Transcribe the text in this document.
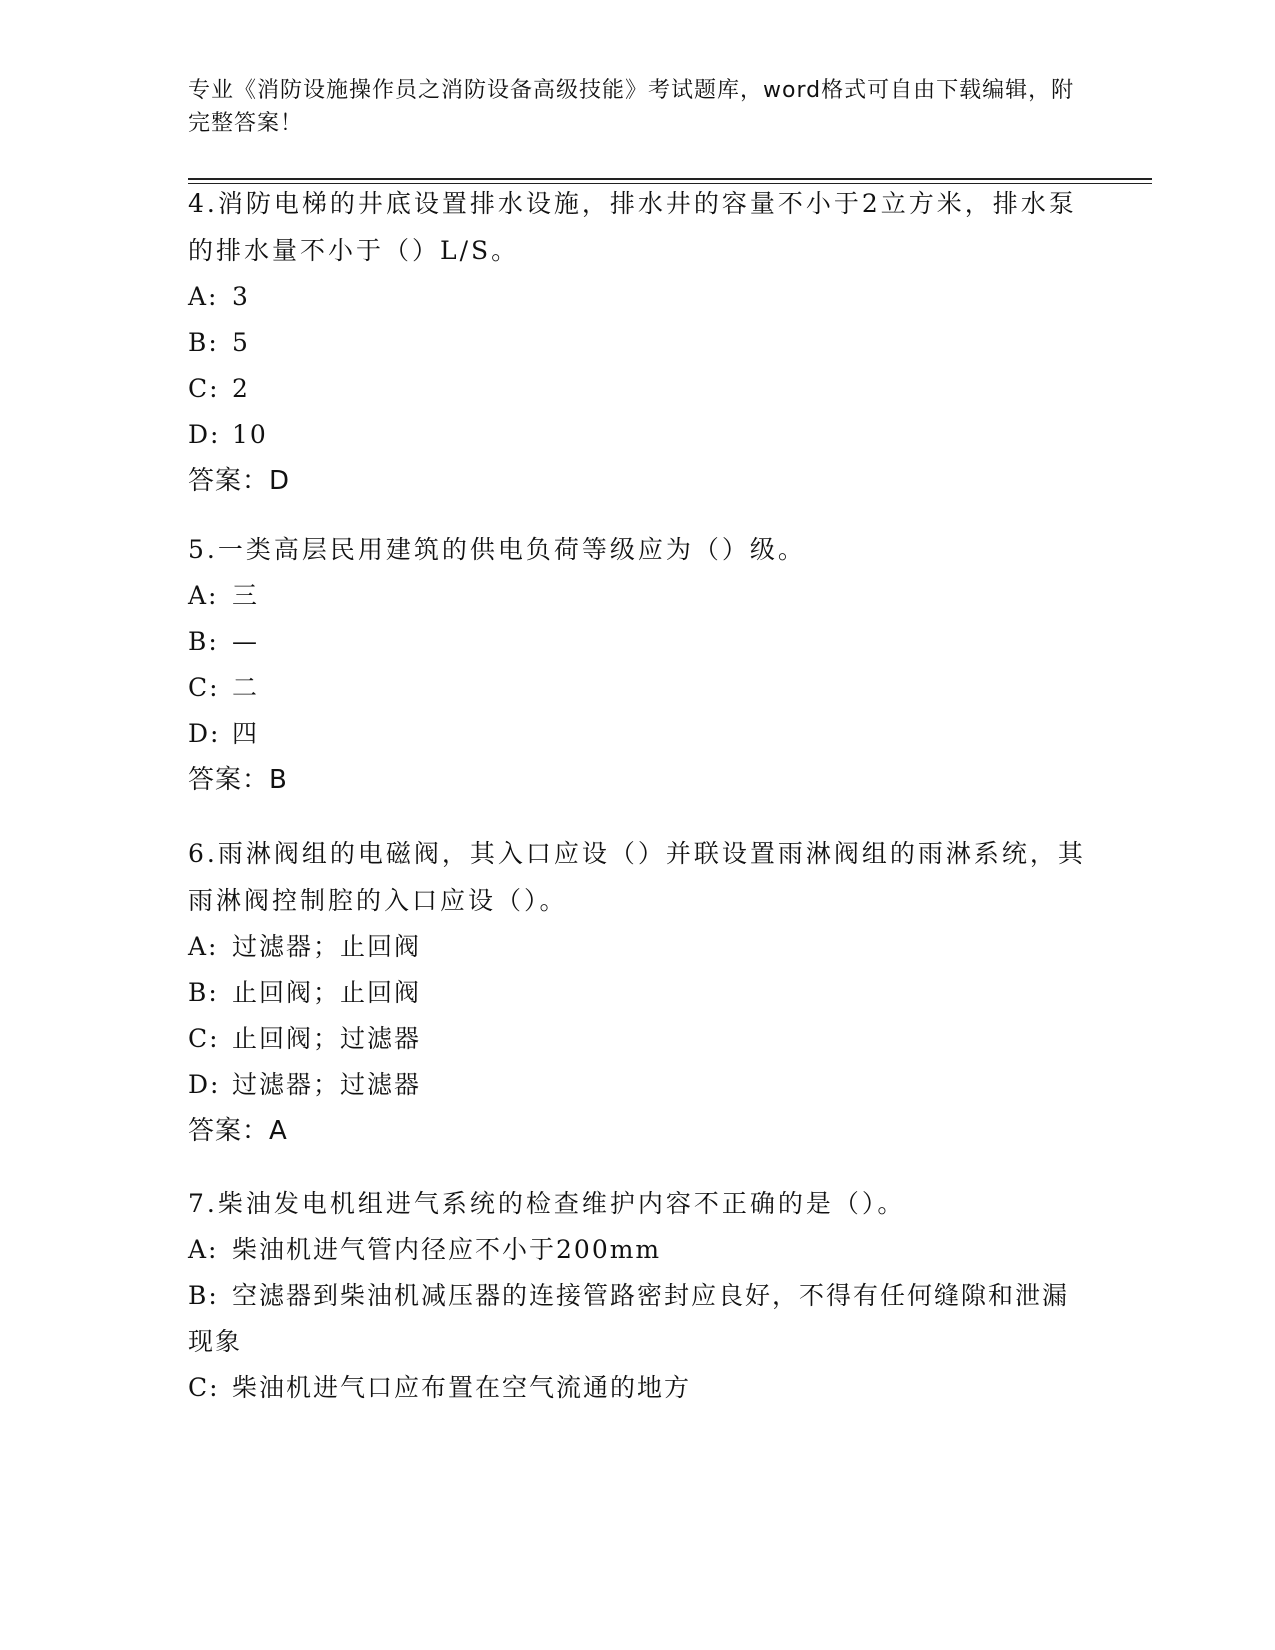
专业《消防设施操作员之消防设备高级技能》考试题库，word格式可自由下载编辑，附完整答案！

4.消防电梯的井底设置排水设施，排水井的容量不小于2立方米，排水泵的排水量不小于（）L/S。

A: 3

B: 5

C: 2

D: 10

答案：D

5.一类高层民用建筑的供电负荷等级应为（）级。

A: 三

B: —

C: 二

D: 四

答案：B

6.雨淋阀组的电磁阀，其入口应设（）并联设置雨淋阀组的雨淋系统，其雨淋阀控制腔的入口应设（）。

A: 过滤器；止回阀

B: 止回阀；止回阀

C: 止回阀；过滤器

D: 过滤器；过滤器

答案：A

7.柴油发电机组进气系统的检查维护内容不正确的是（）。

A: 柴油机进气管内径应不小于200mm

B: 空滤器到柴油机减压器的连接管路密封应良好，不得有任何缝隙和泄漏现象

C: 柴油机进气口应布置在空气流通的地方
